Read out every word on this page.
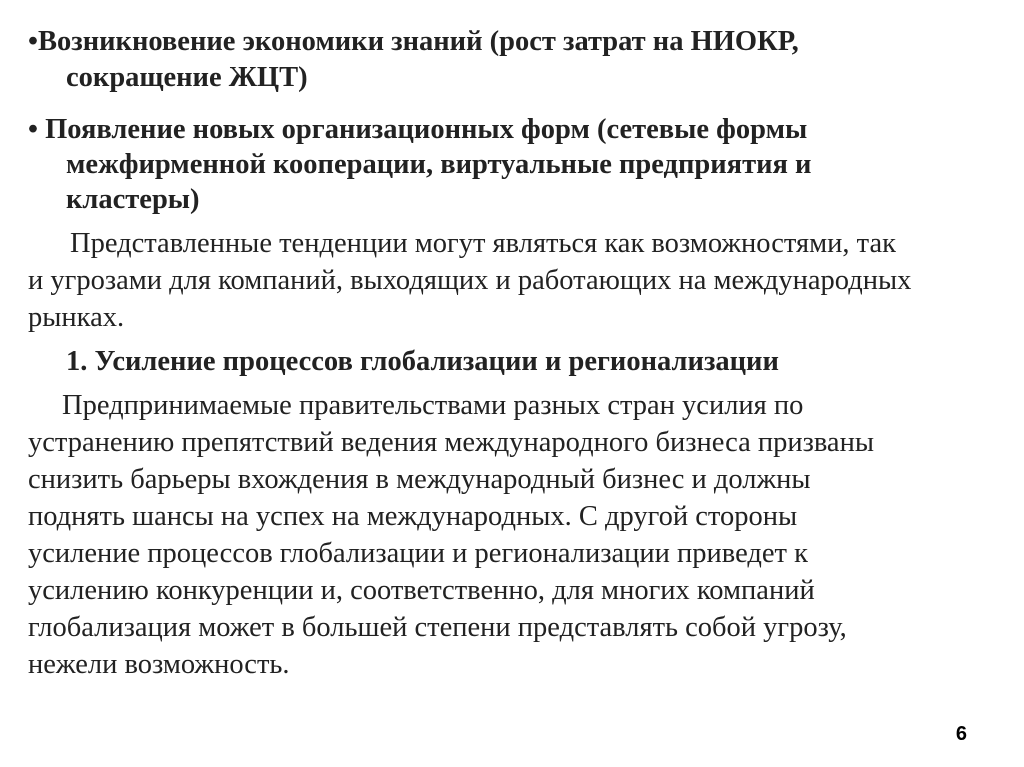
•Возникновение экономики знаний (рост затрат на НИОКР,
сокращение ЖЦТ)
• Появление новых организационных форм (сетевые формы
межфирменной кооперации, виртуальные предприятия и
кластеры)
Представленные тенденции могут являться как возможностями, так
и угрозами для компаний, выходящих и работающих на международных
рынках.
1. Усиление процессов глобализации и регионализации
Предпринимаемые правительствами разных стран усилия по
устранению препятствий ведения международного бизнеса призваны
снизить барьеры вхождения в международный бизнес и должны
поднять шансы на успех на международных. С другой стороны
усиление процессов глобализации и регионализации приведет к
усилению конкуренции и, соответственно, для многих компаний
глобализация может в большей степени представлять собой угрозу,
нежели возможность.
6
